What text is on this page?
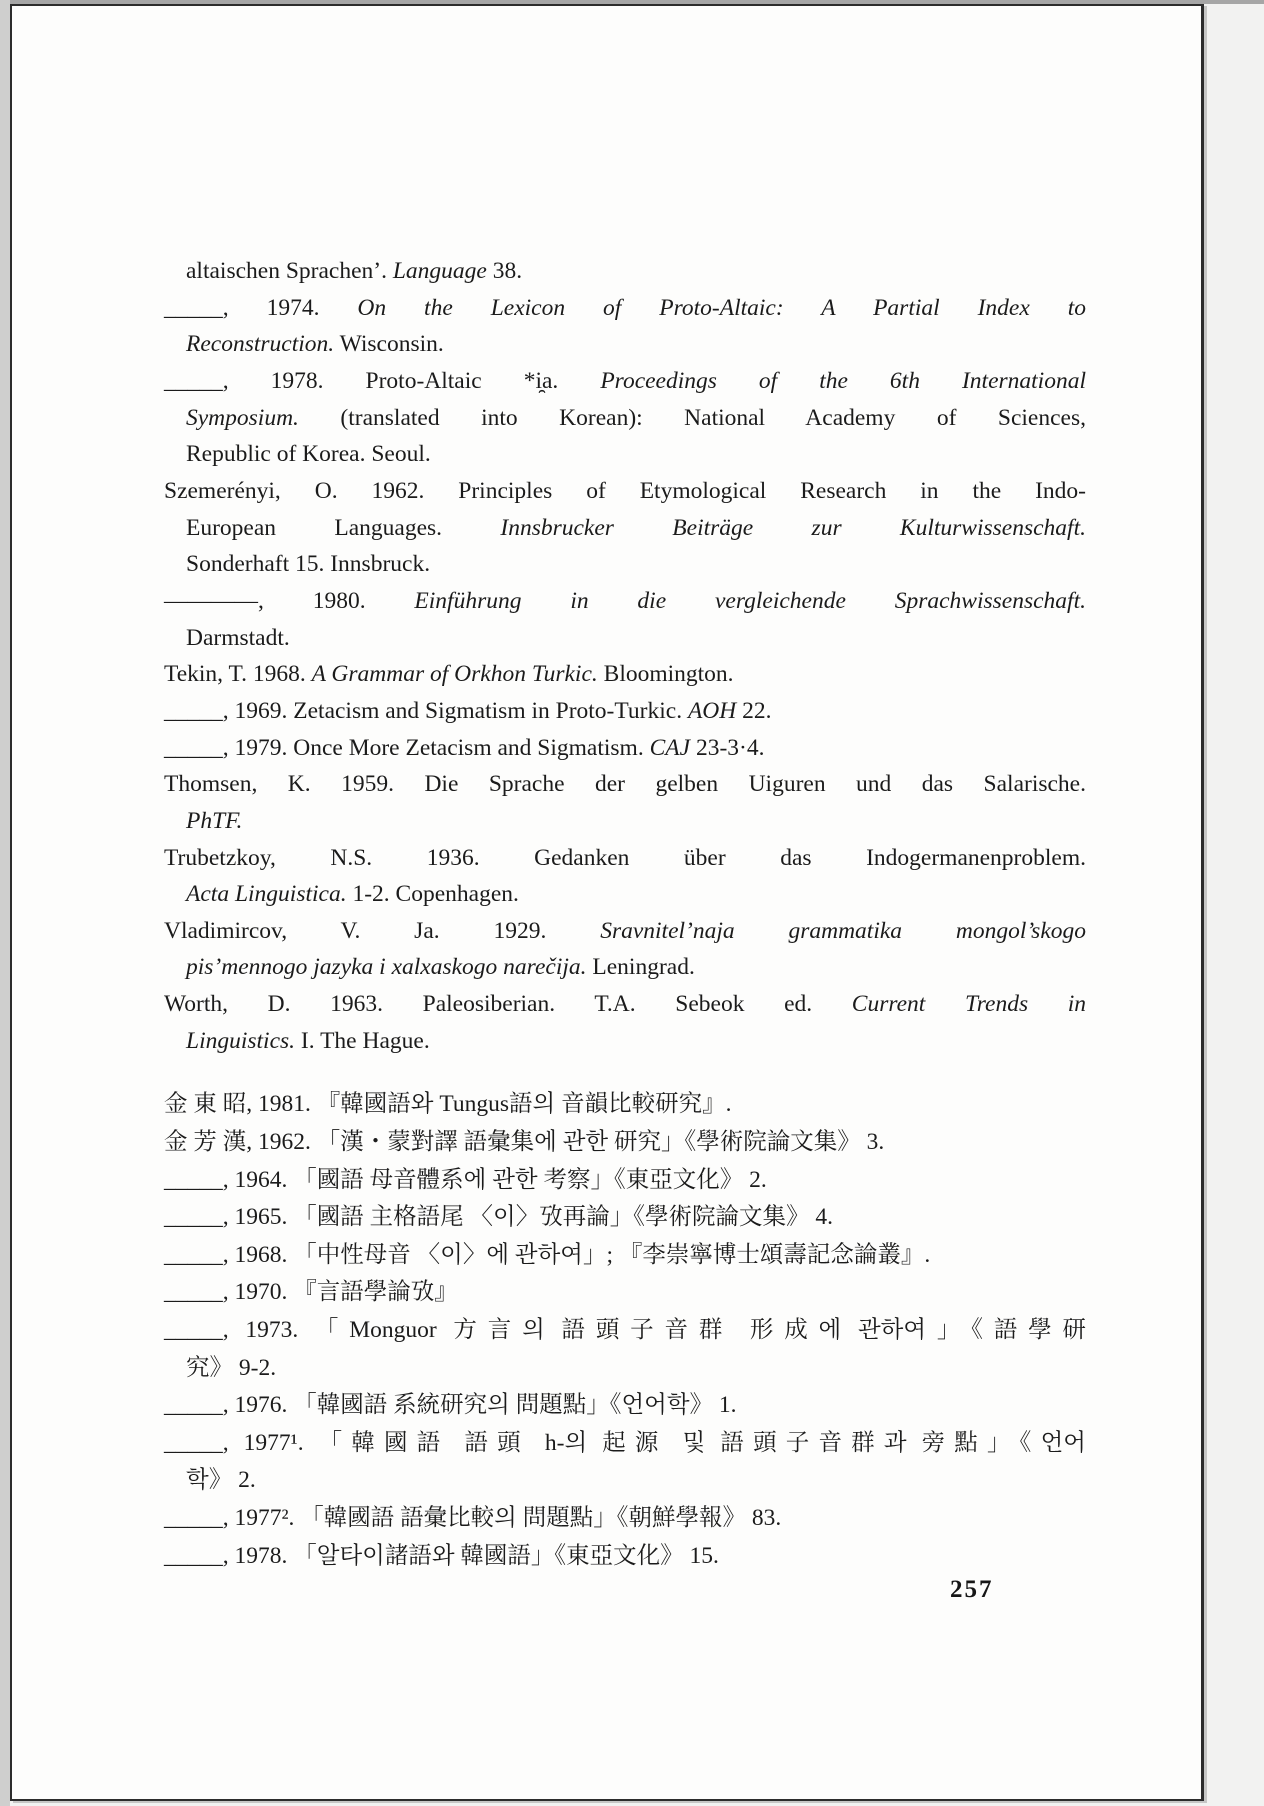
altaischen Sprachen’. Language 38.
_____, 1974. On the Lexicon of Proto-Altaic: A Partial Index to
Reconstruction. Wisconsin.
_____, 1978. Proto-Altaic *i̯a. Proceedings of the 6th International
Symposium. (translated into Korean): National Academy of Sciences,
Republic of Korea. Seoul.
Szemerényi, O. 1962. Principles of Etymological Research in the Indo-
European Languages. Innsbrucker Beiträge zur Kulturwissenschaft.
Sonderhaft 15. Innsbruck.
————, 1980. Einführung in die vergleichende Sprachwissenschaft.
Darmstadt.
Tekin, T. 1968. A Grammar of Orkhon Turkic. Bloomington.
_____, 1969. Zetacism and Sigmatism in Proto-Turkic. AOH 22.
_____, 1979. Once More Zetacism and Sigmatism. CAJ 23-3·4.
Thomsen, K. 1959. Die Sprache der gelben Uiguren und das Salarische.
PhTF.
Trubetzkoy, N.S. 1936. Gedanken über das Indogermanenproblem.
Acta Linguistica. 1-2. Copenhagen.
Vladimircov, V. Ja. 1929. Sravnitel’naja grammatika mongol’skogo
pis’mennogo jazyka i xalxaskogo narečija. Leningrad.
Worth, D. 1963. Paleosiberian. T.A. Sebeok ed. Current Trends in
Linguistics. I. The Hague.
金 東 昭, 1981. 『韓國語와 Tungus語의 音韻比較研究』.
金 芳 漢, 1962. 「漢・蒙對譯 語彙集에 관한 研究」《學術院論文集》 3.
_____, 1964. 「國語 母音體系에 관한 考察」《東亞文化》 2.
_____, 1965. 「國語 主格語尾 〈이〉攷再論」《學術院論文集》 4.
_____, 1968. 「中性母音 〈이〉에 관하여」; 『李崇寧博士頌壽記念論叢』.
_____, 1970. 『言語學論攷』
_____, 1973. 「Monguor 方言의 語頭子音群 形成에 관하여」《語學研
究》 9-2.
_____, 1976. 「韓國語 系統研究의 問題點」《언어학》 1.
_____, 1977¹. 「韓國語 語頭 h-의 起源 및 語頭子音群과 旁點」《언어
학》 2.
_____, 1977². 「韓國語 語彙比較의 問題點」《朝鮮學報》 83.
_____, 1978. 「알타이諸語와 韓國語」《東亞文化》 15.
257
